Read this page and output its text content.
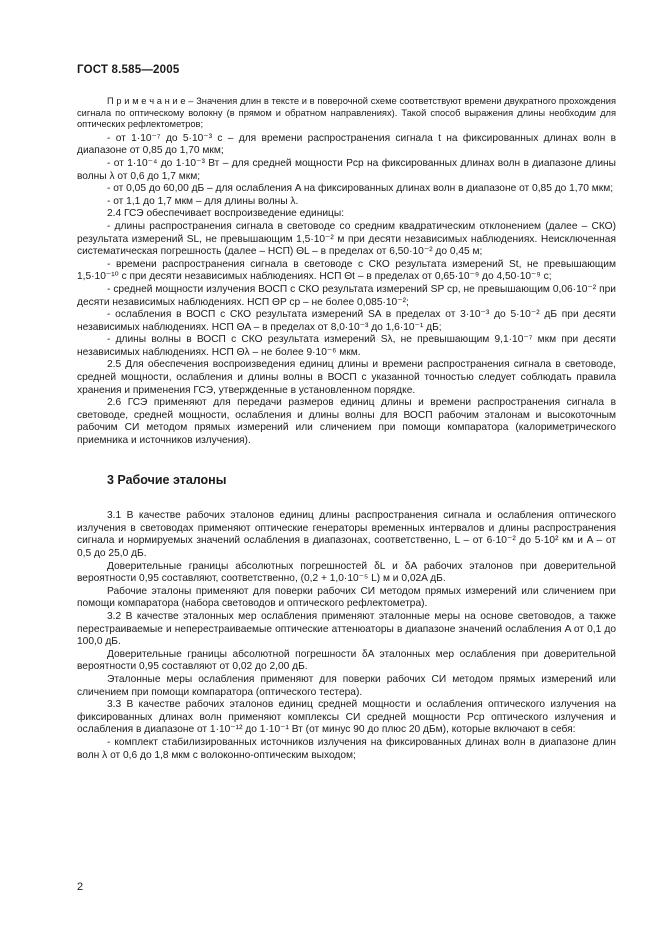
ГОСТ 8.585—2005

П р и м е ч а н и е – Значения длин в тексте и в поверочной схеме соответствуют времени двукратного прохождения сигнала по оптическому волокну (в прямом и обратном направлениях). Такой способ выражения длины необходим для оптических рефлектометров;

- от 1·10⁻⁷ до 5·10⁻³ с – для времени распространения сигнала t на фиксированных длинах волн в диапазоне от 0,85 до 1,70 мкм;

- от 1·10⁻⁴ до 1·10⁻³ Вт – для средней мощности Pср на фиксированных длинах волн в диапазоне длины волны λ от 0,6 до 1,7 мкм;

- от 0,05 до 60,00 дБ – для ослабления A на фиксированных длинах волн в диапазоне от 0,85 до 1,70 мкм;

- от 1,1 до 1,7 мкм – для длины волны λ.

2.4 ГСЭ обеспечивает воспроизведение единицы:

- длины распространения сигнала в световоде со средним квадратическим отклонением (далее – СКО) результата измерений SL, не превышающим 1,5·10⁻² м при десяти независимых наблюдениях. Неисключенная систематическая погрешность (далее – НСП) ΘL – в пределах от 6,50·10⁻² до 0,45 м;

- времени распространения сигнала в световоде с СКО результата измерений St, не превышающим 1,5·10⁻¹⁰ с при десяти независимых наблюдениях. НСП Θt – в пределах от 0,65·10⁻⁹ до 4,50·10⁻⁹ с;

- средней мощности излучения ВОСП с СКО результата измерений SP ср, не превышающим 0,06·10⁻² при десяти независимых наблюдениях. НСП ΘP ср – не более 0,085·10⁻²;

- ослабления в ВОСП с СКО результата измерений SA в пределах от 3·10⁻³ до 5·10⁻² дБ при десяти независимых наблюдениях. НСП ΘA – в пределах от 8,0·10⁻³ до 1,6·10⁻¹ дБ;

- длины волны в ВОСП с СКО результата измерений Sλ, не превышающим 9,1·10⁻⁷ мкм при десяти независимых наблюдениях. НСП Θλ – не более 9·10⁻⁶ мкм.

2.5 Для обеспечения воспроизведения единиц длины и времени распространения сигнала в световоде, средней мощности, ослабления и длины волны в ВОСП с указанной точностью следует соблюдать правила хранения и применения ГСЭ, утвержденные в установленном порядке.

2.6 ГСЭ применяют для передачи размеров единиц длины и времени распространения сигнала в световоде, средней мощности, ослабления и длины волны для ВОСП рабочим эталонам и высокоточным рабочим СИ методом прямых измерений или сличением при помощи компаратора (калориметрического приемника и источников излучения).

3 Рабочие эталоны

3.1 В качестве рабочих эталонов единиц длины распространения сигнала и ослабления оптического излучения в световодах применяют оптические генераторы временных интервалов и длины распространения сигнала и нормируемых значений ослабления в диапазонах, соответственно, L – от 6·10⁻² до 5·10² км и A – от 0,5 до 25,0 дБ.

Доверительные границы абсолютных погрешностей δL и δA рабочих эталонов при доверительной вероятности 0,95 составляют, соответственно, (0,2 + 1,0·10⁻⁵ L) м и 0,02A дБ.

Рабочие эталоны применяют для поверки рабочих СИ методом прямых измерений или сличением при помощи компаратора (набора световодов и оптического рефлектометра).

3.2 В качестве эталонных мер ослабления применяют эталонные меры на основе световодов, а также перестраиваемые и неперестраиваемые оптические аттенюаторы в диапазоне значений ослабления A от 0,1 до 100,0 дБ.

Доверительные границы абсолютной погрешности δA эталонных мер ослабления при доверительной вероятности 0,95 составляют от 0,02 до 2,00 дБ.

Эталонные меры ослабления применяют для поверки рабочих СИ методом прямых измерений или сличением при помощи компаратора (оптического тестера).

3.3 В качестве рабочих эталонов единиц средней мощности и ослабления оптического излучения на фиксированных длинах волн применяют комплексы СИ средней мощности Pср оптического излучения и ослабления в диапазоне от 1·10⁻¹² до 1·10⁻¹ Вт (от минус 90 до плюс 20 дБм), которые включают в себя:

- комплект стабилизированных источников излучения на фиксированных длинах волн в диапазоне длин волн λ от 0,6 до 1,8 мкм с волоконно-оптическим выходом;

2
